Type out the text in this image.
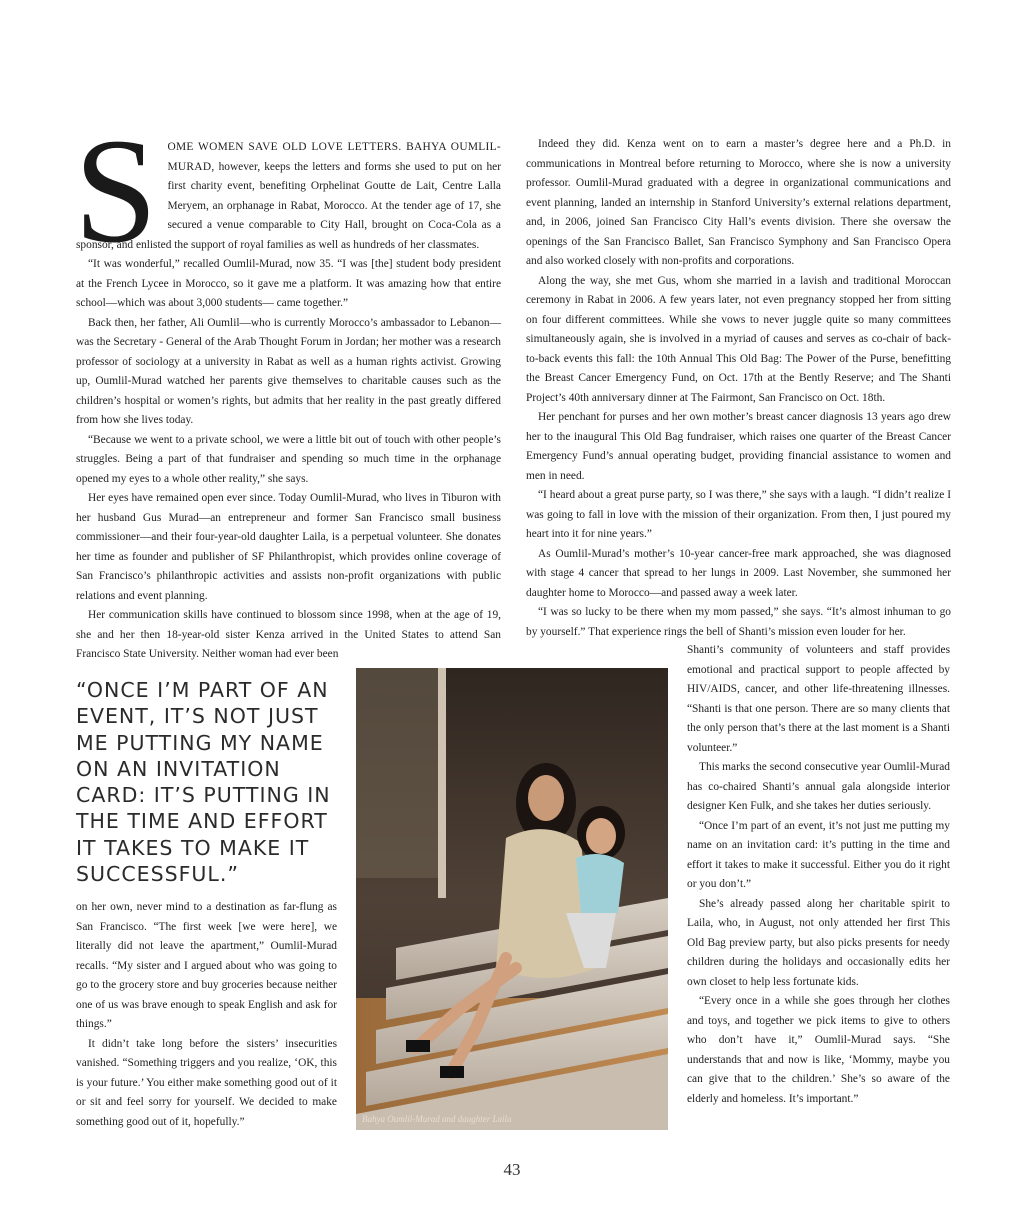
S OME WOMEN SAVE OLD LOVE LETTERS. BAHYA OUMLIL-MURAD, however, keeps the letters and forms she used to put on her first charity event, benefiting Orphelinat Goutte de Lait, Centre Lalla Meryem, an orphanage in Rabat, Morocco. At the tender age of 17, she secured a venue comparable to City Hall, brought on Coca-Cola as a sponsor, and enlisted the support of royal families as well as hundreds of her classmates.

“It was wonderful,” recalled Oumlil-Murad, now 35. “I was [the] student body president at the French Lycee in Morocco, so it gave me a platform. It was amazing how that entire school—which was about 3,000 students— came together.”

Back then, her father, Ali Oumlil—who is currently Morocco’s ambassador to Lebanon—was the Secretary - General of the Arab Thought Forum in Jordan; her mother was a research professor of sociology at a university in Rabat as well as a human rights activist. Growing up, Oumlil-Murad watched her parents give themselves to charitable causes such as the children’s hospital or women’s rights, but admits that her reality in the past greatly differed from how she lives today.

“Because we went to a private school, we were a little bit out of touch with other people’s struggles. Being a part of that fundraiser and spending so much time in the orphanage opened my eyes to a whole other reality,” she says.

Her eyes have remained open ever since. Today Oumlil-Murad, who lives in Tiburon with her husband Gus Murad—an entrepreneur and former San Francisco small business commissioner—and their four-year-old daughter Laila, is a perpetual volunteer. She donates her time as founder and publisher of SF Philanthropist, which provides online coverage of San Francisco’s philanthropic activities and assists non-profit organizations with public relations and event planning.

Her communication skills have continued to blossom since 1998, when at the age of 19, she and her then 18-year-old sister Kenza arrived in the United States to attend San Francisco State University. Neither woman had ever been

Indeed they did. Kenza went on to earn a master’s degree here and a Ph.D. in communications in Montreal before returning to Morocco, where she is now a university professor. Oumlil-Murad graduated with a degree in organizational communications and event planning, landed an internship in Stanford University’s external relations department, and, in 2006, joined San Francisco City Hall’s events division. There she oversaw the openings of the San Francisco Ballet, San Francisco Symphony and San Francisco Opera and also worked closely with non-profits and corporations.

Along the way, she met Gus, whom she married in a lavish and traditional Moroccan ceremony in Rabat in 2006. A few years later, not even pregnancy stopped her from sitting on four different committees. While she vows to never juggle quite so many committees simultaneously again, she is involved in a myriad of causes and serves as co-chair of back-to-back events this fall: the 10th Annual This Old Bag: The Power of the Purse, benefitting the Breast Cancer Emergency Fund, on Oct. 17th at the Bently Reserve; and The Shanti Project’s 40th anniversary dinner at The Fairmont, San Francisco on Oct. 18th.

Her penchant for purses and her own mother’s breast cancer diagnosis 13 years ago drew her to the inaugural This Old Bag fundraiser, which raises one quarter of the Breast Cancer Emergency Fund’s annual operating budget, providing financial assistance to women and men in need.

“I heard about a great purse party, so I was there,” she says with a laugh. “I didn’t realize I was going to fall in love with the mission of their organization. From then, I just poured my heart into it for nine years.”

As Oumlil-Murad’s mother’s 10-year cancer-free mark approached, she was diagnosed with stage 4 cancer that spread to her lungs in 2009. Last November, she summoned her daughter home to Morocco—and passed away a week later.

“I was so lucky to be there when my mom passed,” she says. “It’s almost inhuman to go by yourself.” That experience rings the bell of Shanti’s mission even louder for her.

“ONCE I’M PART OF AN EVENT, IT’S NOT JUST ME PUTTING MY NAME ON AN INVITATION CARD: IT’S PUTTING IN THE TIME AND EFFORT IT TAKES TO MAKE IT SUCCESSFUL.”

on her own, never mind to a destination as far-flung as San Francisco. “The first week [we were here], we literally did not leave the apartment,” Oumlil-Murad recalls. “My sister and I argued about who was going to go to the grocery store and buy groceries because neither one of us was brave enough to speak English and ask for things.”

It didn’t take long before the sisters’ insecurities vanished. “Something triggers and you realize, ‘OK, this is your future.’ You either make something good out of it or sit and feel sorry for yourself. We decided to make something good out of it, hopefully.”	Bahya Oumlil-Murad and daughter Laila

Shanti’s community of volunteers and staff provides emotional and practical support to people affected by HIV/AIDS, cancer, and other life-threatening illnesses. “Shanti is that one person. There are so many clients that the only person that’s there at the last moment is a Shanti volunteer.”

This marks the second consecutive year Oumlil-Murad has co-chaired Shanti’s annual gala alongside interior designer Ken Fulk, and she takes her duties seriously.

“Once I’m part of an event, it’s not just me putting my name on an invitation card: it’s putting in the time and effort it takes to make it successful. Either you do it right or you don’t.”

She’s already passed along her charitable spirit to Laila, who, in August, not only attended her first This Old Bag preview party, but also picks presents for needy children during the holidays and occasionally edits her own closet to help less fortunate kids.

“Every once in a while she goes through her clothes and toys, and together we pick items to give to others who don’t have it,” Oumlil-Murad says. “She understands that and now is like, ‘Mommy, maybe you can give that to the children.’ She’s so aware of the elderly and homeless. It’s important.”

43
